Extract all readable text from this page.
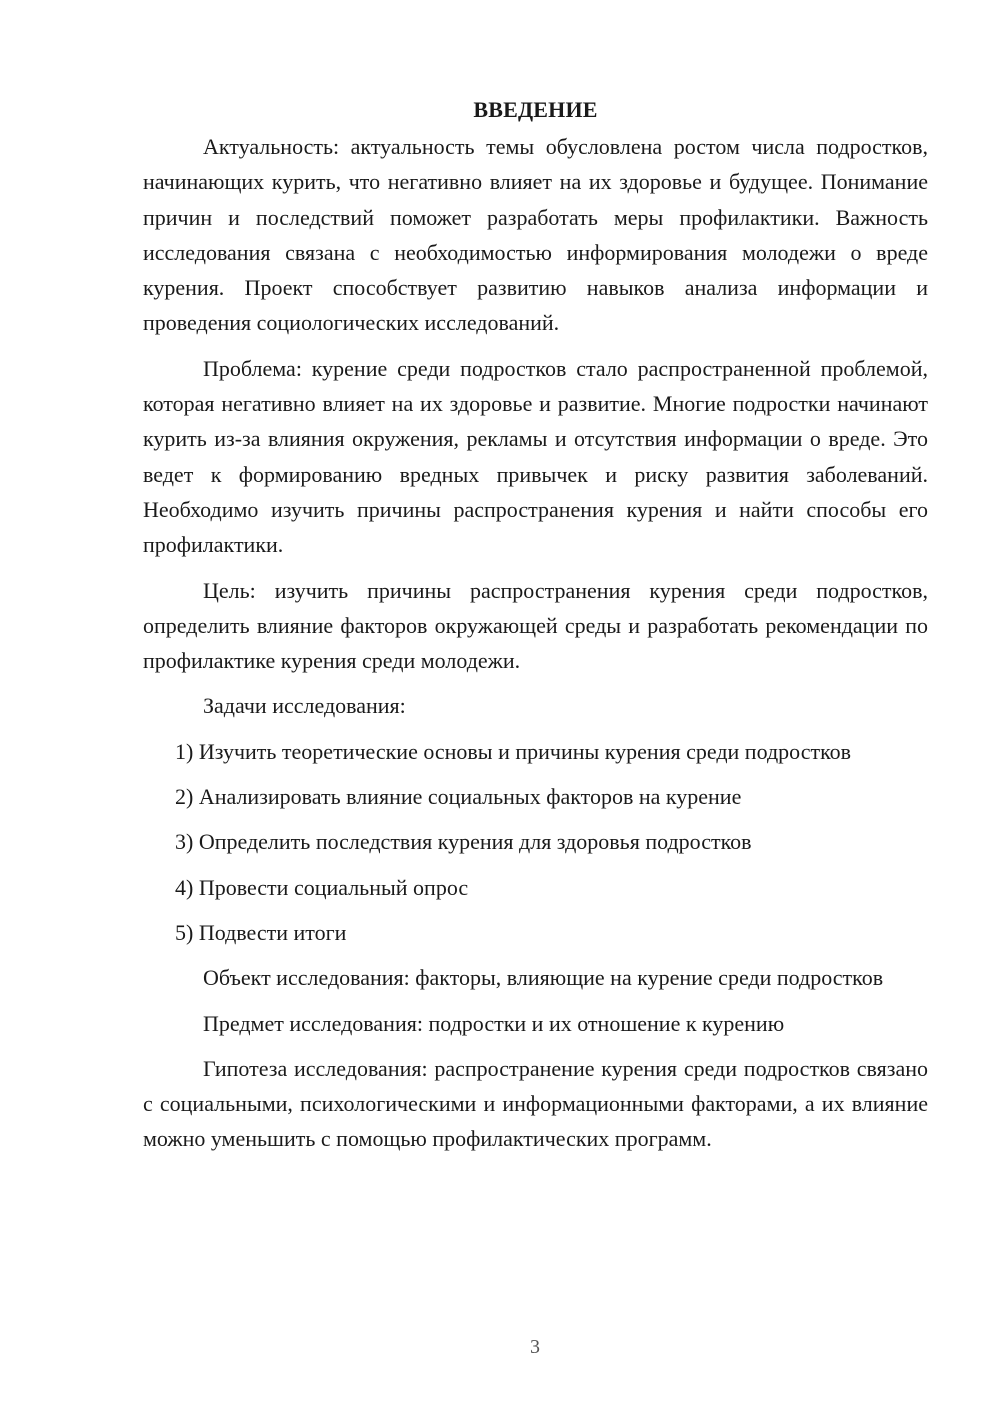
ВВЕДЕНИЕ

Актуальность: актуальность темы обусловлена ростом числа подростков, начинающих курить, что негативно влияет на их здоровье и будущее. Понимание причин и последствий поможет разработать меры профилактики. Важность исследования связана с необходимостью информирования молодежи о вреде курения. Проект способствует развитию навыков анализа информации и проведения социологических исследований.

Проблема: курение среди подростков стало распространенной проблемой, которая негативно влияет на их здоровье и развитие. Многие подростки начинают курить из-за влияния окружения, рекламы и отсутствия информации о вреде. Это ведет к формированию вредных привычек и риску развития заболеваний. Необходимо изучить причины распространения курения и найти способы его профилактики.

Цель: изучить причины распространения курения среди подростков, определить влияние факторов окружающей среды и разработать рекомендации по профилактике курения среди молодежи.

Задачи исследования:

1) Изучить теоретические основы и причины курения среди подростков

2) Анализировать влияние социальных факторов на курение

3) Определить последствия курения для здоровья подростков

4) Провести социальный опрос

5) Подвести итоги

Объект исследования: факторы, влияющие на курение среди подростков

Предмет исследования: подростки и их отношение к курению

Гипотеза исследования: распространение курения среди подростков связано с социальными, психологическими и информационными факторами, а их влияние можно уменьшить с помощью профилактических программ.

3
